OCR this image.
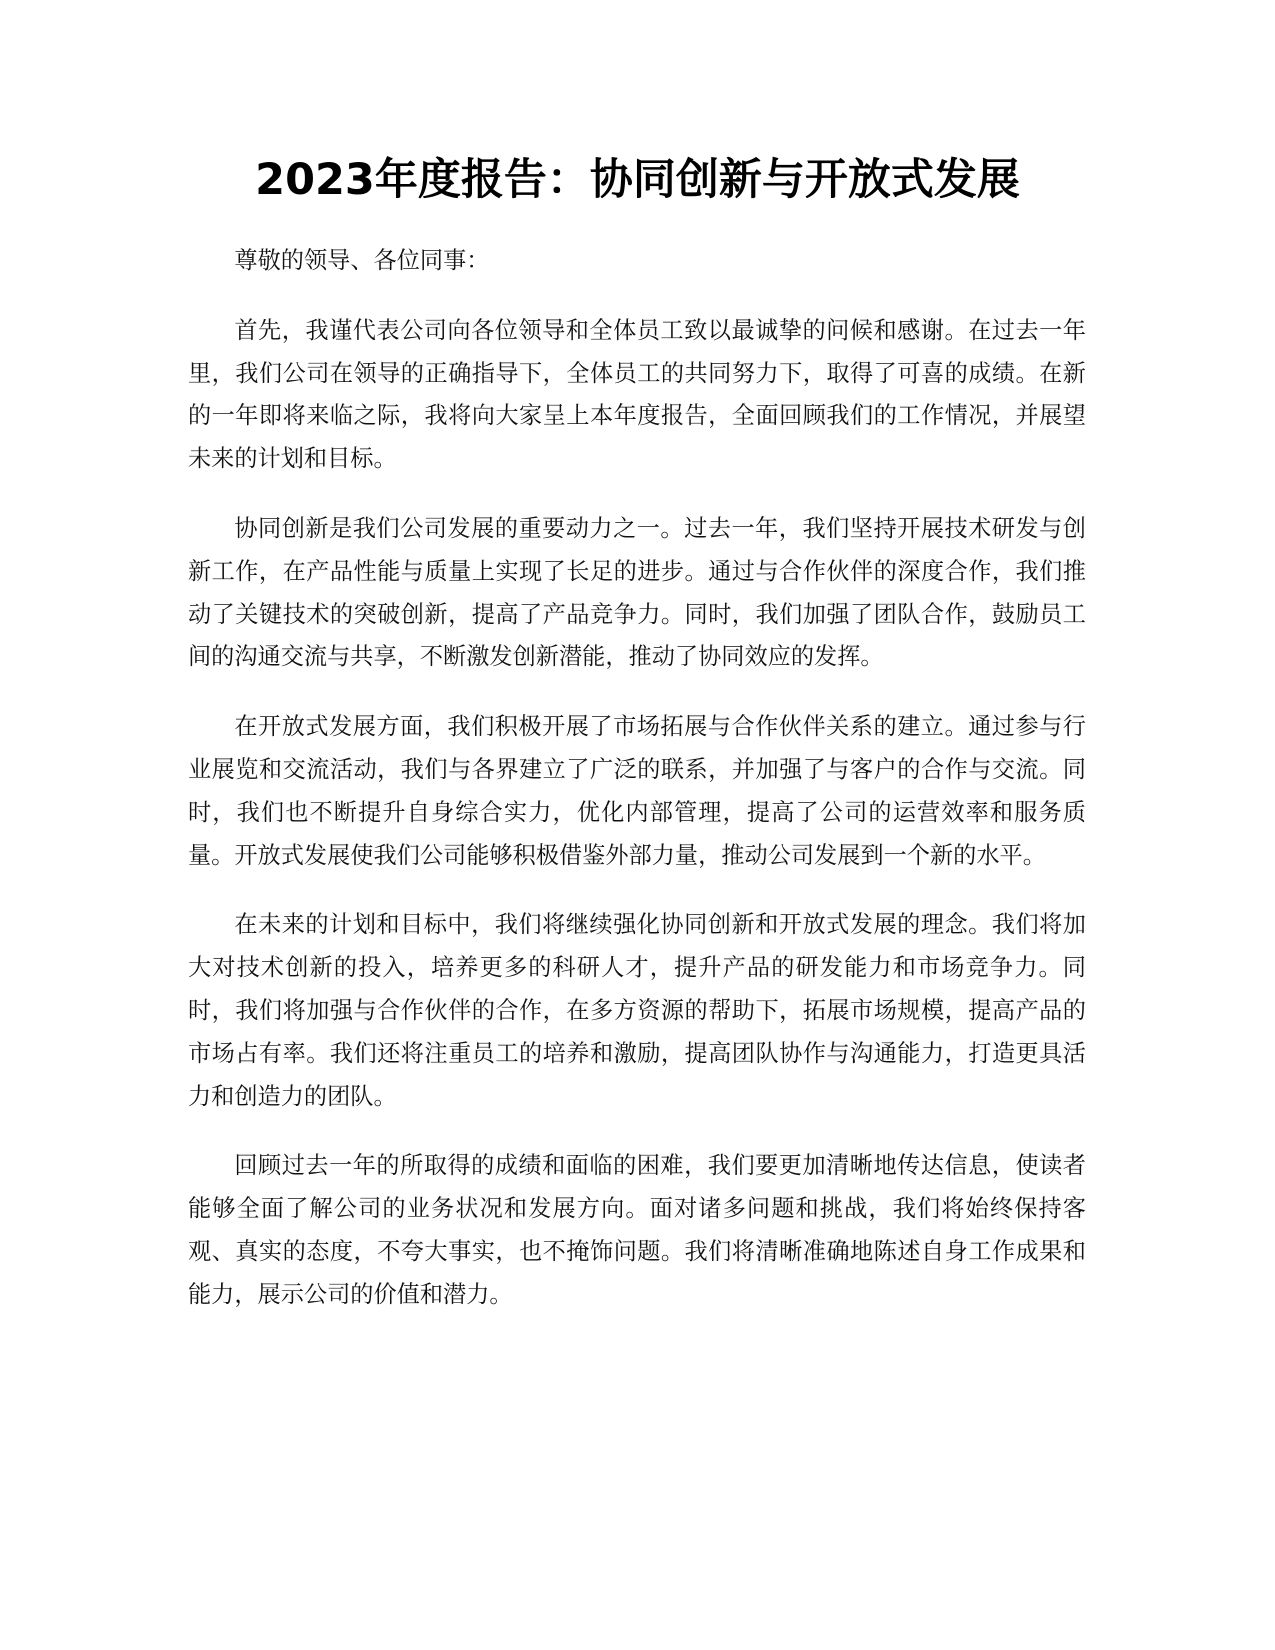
2023年度报告：协同创新与开放式发展

尊敬的领导、各位同事：

首先，我谨代表公司向各位领导和全体员工致以最诚挚的问候和感谢。在过去一年里，我们公司在领导的正确指导下，全体员工的共同努力下，取得了可喜的成绩。在新的一年即将来临之际，我将向大家呈上本年度报告，全面回顾我们的工作情况，并展望未来的计划和目标。

协同创新是我们公司发展的重要动力之一。过去一年，我们坚持开展技术研发与创新工作，在产品性能与质量上实现了长足的进步。通过与合作伙伴的深度合作，我们推动了关键技术的突破创新，提高了产品竞争力。同时，我们加强了团队合作，鼓励员工间的沟通交流与共享，不断激发创新潜能，推动了协同效应的发挥。

在开放式发展方面，我们积极开展了市场拓展与合作伙伴关系的建立。通过参与行业展览和交流活动，我们与各界建立了广泛的联系，并加强了与客户的合作与交流。同时，我们也不断提升自身综合实力，优化内部管理，提高了公司的运营效率和服务质量。开放式发展使我们公司能够积极借鉴外部力量，推动公司发展到一个新的水平。

在未来的计划和目标中，我们将继续强化协同创新和开放式发展的理念。我们将加大对技术创新的投入，培养更多的科研人才，提升产品的研发能力和市场竞争力。同时，我们将加强与合作伙伴的合作，在多方资源的帮助下，拓展市场规模，提高产品的市场占有率。我们还将注重员工的培养和激励，提高团队协作与沟通能力，打造更具活力和创造力的团队。

回顾过去一年的所取得的成绩和面临的困难，我们要更加清晰地传达信息，使读者能够全面了解公司的业务状况和发展方向。面对诸多问题和挑战，我们将始终保持客观、真实的态度，不夸大事实，也不掩饰问题。我们将清晰准确地陈述自身工作成果和能力，展示公司的价值和潜力。
